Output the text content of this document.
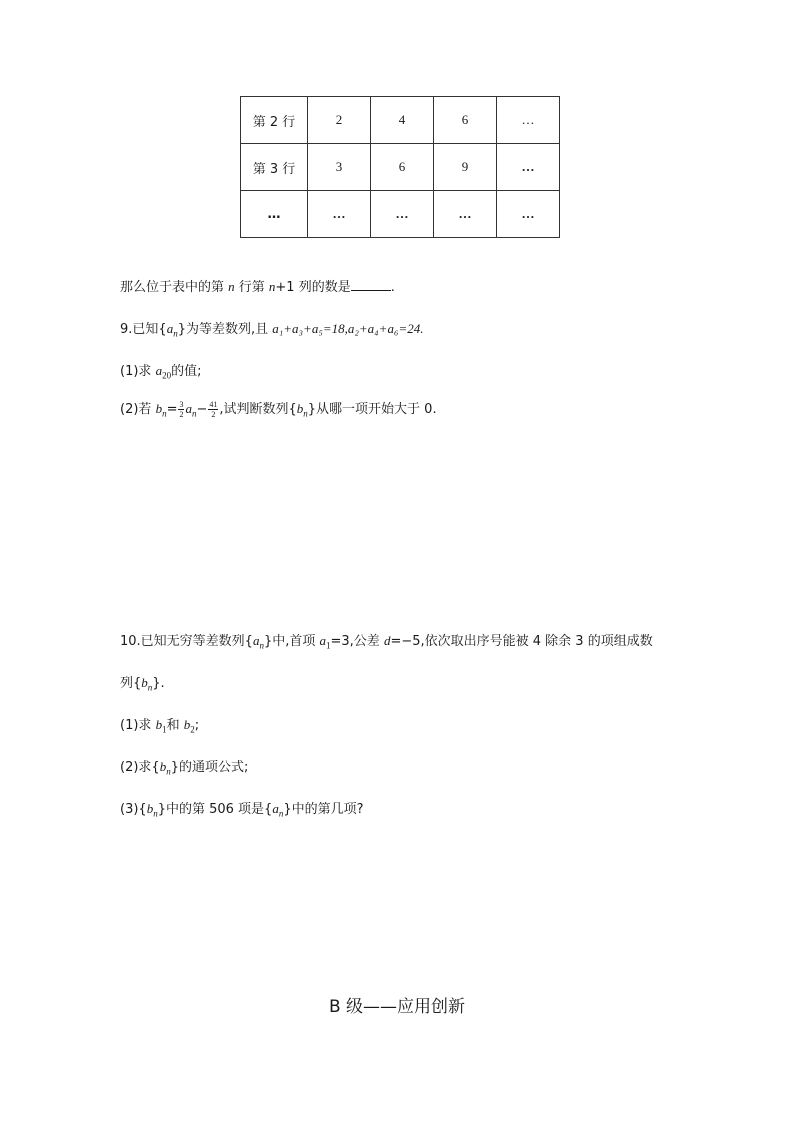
第 2 行	2	4	6	…
第 3 行	3	6	9	…
…	…	…	…	…
那么位于表中的第 n 行第 n+1 列的数是	.
9.已知$\{a_n\}$为等差数列,且 a₁+a₃+a₅=18,a₂+a₄+a₆=24.
(1)求 $a_{20}$的值;
(2)若 $b_n= \frac{3}{2} a_n- \frac{41}{2}$ ,试判断数列$\{b_n\}$从哪一项开始大于 0.
10.已知无穷等差数列$\{a_n\}$中,首项 $a_1=3$,公差 d=−5,依次取出序号能被 4 除余 3 的项组成数
列$\{b_n\}$.
(1)求 $b_1$和 $b_2$;
(2)求$\{b_n\}$的通项公式;
$(3)\{b_n\}$中的第 506 项是$\{a_n\}$中的第几项?
B 级——应用创新
